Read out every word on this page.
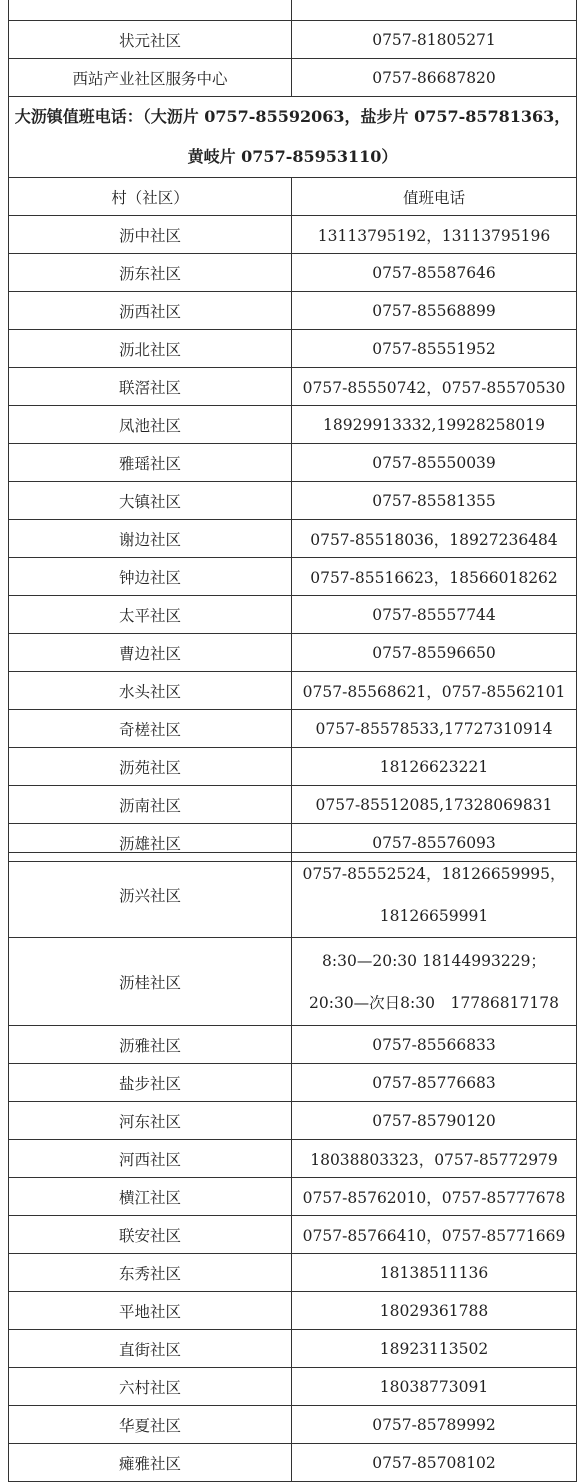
状元社区	0757-81805271
西站产业社区服务中心	0757-86687820

大沥镇值班电话：（大沥片 0757-85592063，盐步片 0757-85781363，
黄岐片 0757-85953110）	

村（社区）	值班电话
沥中社区	13113795192，13113795196
沥东社区	0757-85587646
沥西社区	0757-85568899
沥北社区	0757-85551952
联滘社区	0757-85550742，0757-85570530
凤池社区	18929913332,19928258019
雅瑶社区	0757-85550039
大镇社区	0757-85581355
谢边社区	0757-85518036，18927236484
钟边社区	0757-85516623，18566018262
太平社区	0757-85557744
曹边社区	0757-85596650
水头社区	0757-85568621，0757-85562101
奇槎社区	0757-85578533,17727310914
沥苑社区	18126623221
沥南社区	0757-85512085,17328069831
沥雄社区	0757-85576093
沥兴社区	0757-85552524，18126659995，
18126659991

沥桂社区	8:30—20:30 18144993229；
20:30—次日8:30　17786817178

沥雅社区	0757-85566833
盐步社区	0757-85776683
河东社区	0757-85790120
河西社区	18038803323，0757-85772979
横江社区	0757-85762010，0757-85777678
联安社区	0757-85766410，0757-85771669
东秀社区	18138511136
平地社区	18029361788
直街社区	18923113502
六村社区	18038773091
华夏社区	0757-85789992
瘫雅社区	0757-85708102
